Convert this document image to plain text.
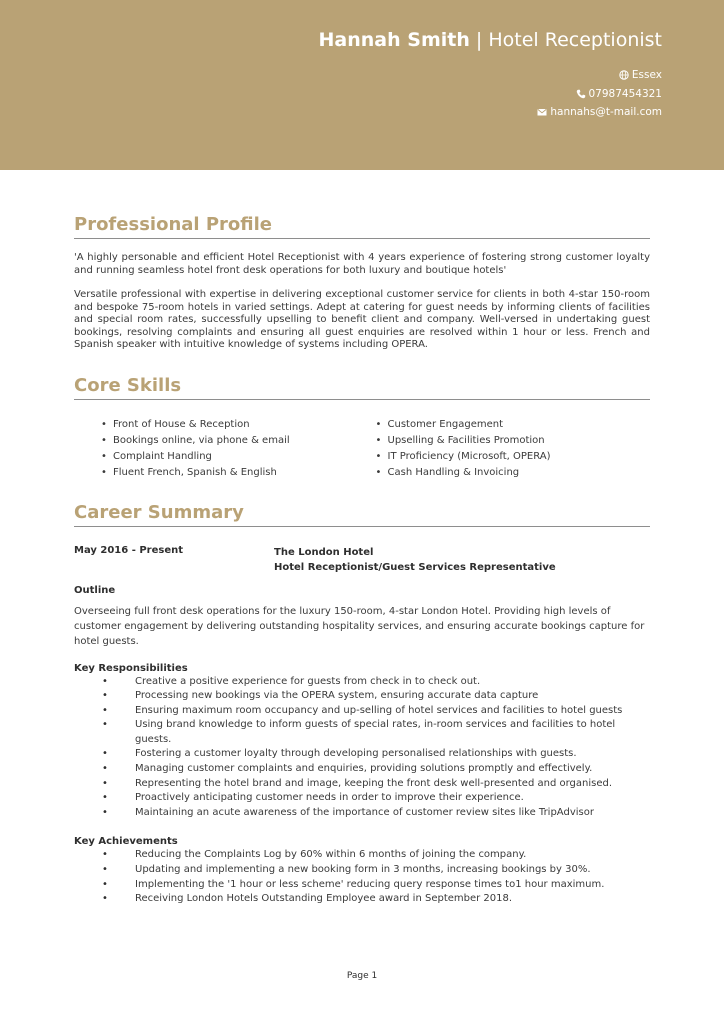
Hannah Smith | Hotel Receptionist
Essex
07987454321
hannahs@t-mail.com
Professional Profile

'A highly personable and efficient Hotel Receptionist with 4 years experience of fostering strong customer loyalty and running seamless hotel front desk operations for both luxury and boutique hotels'

Versatile professional with expertise in delivering exceptional customer service for clients in both 4-star 150-room and bespoke 75-room hotels in varied settings. Adept at catering for guest needs by informing clients of facilities and special room rates, successfully upselling to benefit client and company. Well-versed in undertaking guest bookings, resolving complaints and ensuring all guest enquiries are resolved within 1 hour or less. French and Spanish speaker with intuitive knowledge of systems including OPERA.

Core Skills
• Front of House & Reception
• Bookings online, via phone & email
• Complaint Handling
• Fluent French, Spanish & English
• Customer Engagement
• Upselling & Facilities Promotion
• IT Proficiency (Microsoft, OPERA)
• Cash Handling & Invoicing
Career Summary
May 2016 - Present	The London Hotel
Hotel Receptionist/Guest Services Representative
Outline

Overseeing full front desk operations for the luxury 150-room, 4-star London Hotel. Providing high levels of customer engagement by delivering outstanding hospitality services, and ensuring accurate bookings capture for hotel guests.

Key Responsibilities
• Creative a positive experience for guests from check in to check out.
• Processing new bookings via the OPERA system, ensuring accurate data capture
• Ensuring maximum room occupancy and up-selling of hotel services and facilities to hotel guests
• Using brand knowledge to inform guests of special rates, in-room services and facilities to hotel guests.
• Fostering a customer loyalty through developing personalised relationships with guests.
• Managing customer complaints and enquiries, providing solutions promptly and effectively.
• Representing the hotel brand and image, keeping the front desk well-presented and organised.
• Proactively anticipating customer needs in order to improve their experience.
• Maintaining an acute awareness of the importance of customer review sites like TripAdvisor
Key Achievements
• Reducing the Complaints Log by 60% within 6 months of joining the company.
• Updating and implementing a new booking form in 3 months, increasing bookings by 30%.
• Implementing the '1 hour or less scheme' reducing query response times to1 hour maximum.
• Receiving London Hotels Outstanding Employee award in September 2018.
Page 1
